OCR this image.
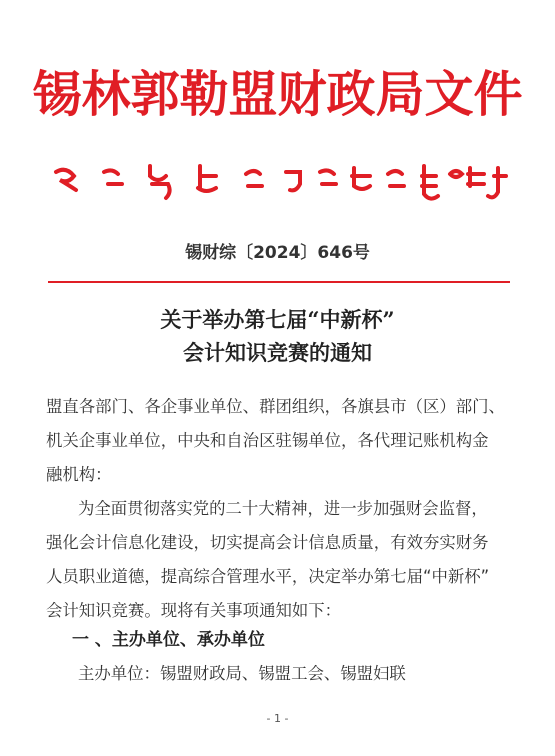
锡林郭勒盟财政局文件
锡财综〔2024〕646号
关于举办第七届“中新杯”
会计知识竞赛的通知
盟直各部门、各企事业单位、群团组织，各旗县市（区）部门、
机关企事业单位，中央和自治区驻锡单位，各代理记账机构金
融机构：
为全面贯彻落实党的二十大精神，进一步加强财会监督，
强化会计信息化建设，切实提高会计信息质量，有效夯实财务
人员职业道德，提高综合管理水平，决定举办第七届“中新杯”
会计知识竞赛。现将有关事项通知如下：
一 、主办单位、承办单位
主办单位：锡盟财政局、锡盟工会、锡盟妇联
- 1 -
